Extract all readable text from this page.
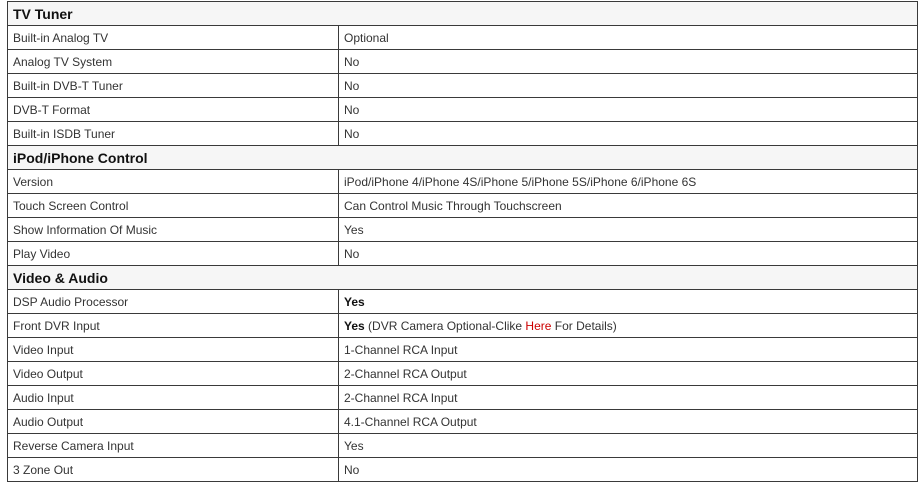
TV Tuner	
Built-in Analog TV	Optional
Analog TV System	No
Built-in DVB-T Tuner	No
DVB-T Format	No
Built-in ISDB Tuner	No
iPod/iPhone Control	
Version	iPod/iPhone 4/iPhone 4S/iPhone 5/iPhone 5S/iPhone 6/iPhone 6S
Touch Screen Control	Can Control Music Through Touchscreen
Show Information Of Music	Yes
Play Video	No
Video & Audio	
DSP Audio Processor	Yes
Front DVR Input	Yes (DVR Camera Optional-Clike Here For Details)
Video Input	1-Channel RCA Input
Video Output	2-Channel RCA Output
Audio Input	2-Channel RCA Input
Audio Output	4.1-Channel RCA Output
Reverse Camera Input	Yes
3 Zone Out	No
